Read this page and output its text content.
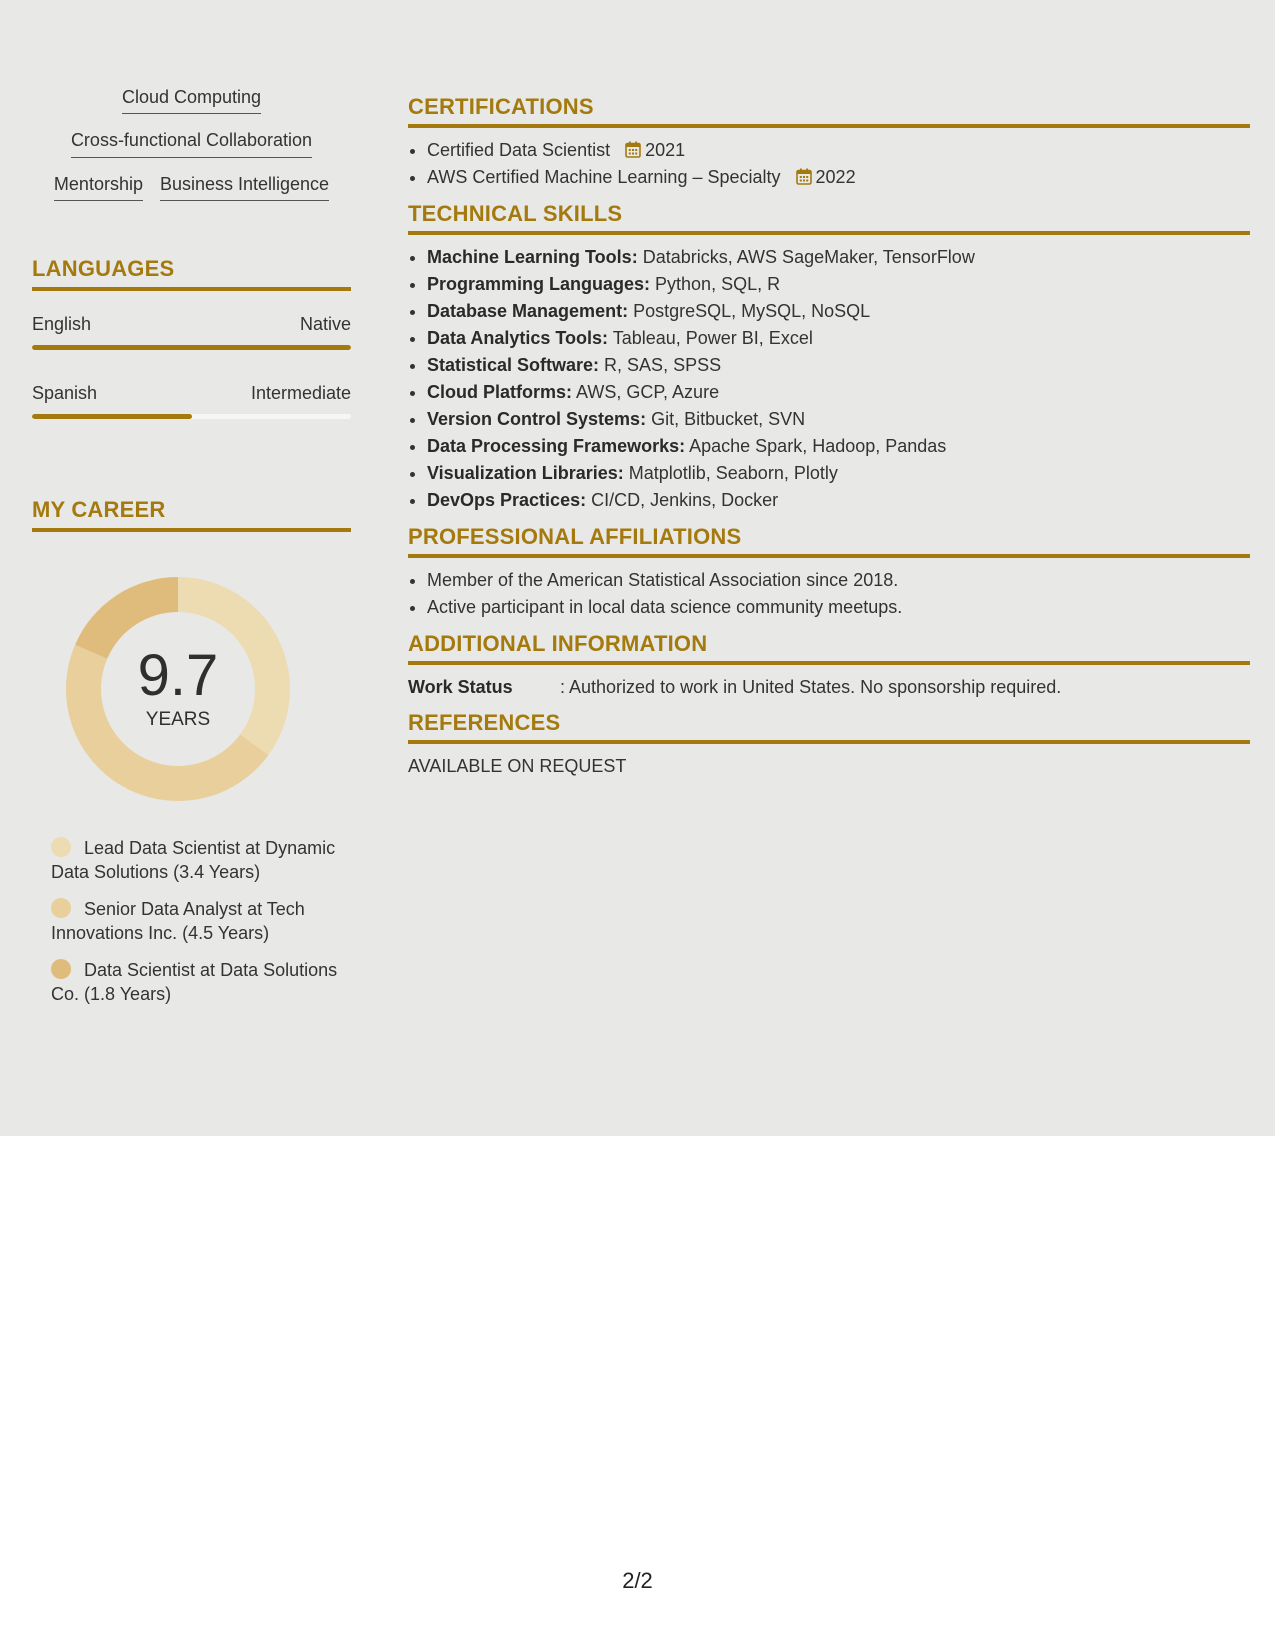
Cloud Computing
Cross-functional Collaboration
Mentorship Business Intelligence
LANGUAGES
English	Native
Spanish	Intermediate
MY CAREER
9.7
YEARS
Lead Data Scientist at Dynamic Data Solutions (3.4 Years)
Senior Data Analyst at Tech Innovations Inc. (4.5 Years)
Data Scientist at Data Solutions Co. (1.8 Years)
CERTIFICATIONS
• Certified Data Scientist 2021
• AWS Certified Machine Learning – Specialty 2022
TECHNICAL SKILLS
• Machine Learning Tools: Databricks, AWS SageMaker, TensorFlow
• Programming Languages: Python, SQL, R
• Database Management: PostgreSQL, MySQL, NoSQL
• Data Analytics Tools: Tableau, Power BI, Excel
• Statistical Software: R, SAS, SPSS
• Cloud Platforms: AWS, GCP, Azure
• Version Control Systems: Git, Bitbucket, SVN
• Data Processing Frameworks: Apache Spark, Hadoop, Pandas
• Visualization Libraries: Matplotlib, Seaborn, Plotly
• DevOps Practices: CI/CD, Jenkins, Docker
PROFESSIONAL AFFILIATIONS
• Member of the American Statistical Association since 2018.
• Active participant in local data science community meetups.
ADDITIONAL INFORMATION
Work Status	: Authorized to work in United States. No sponsorship required.
REFERENCES
AVAILABLE ON REQUEST
2/2
